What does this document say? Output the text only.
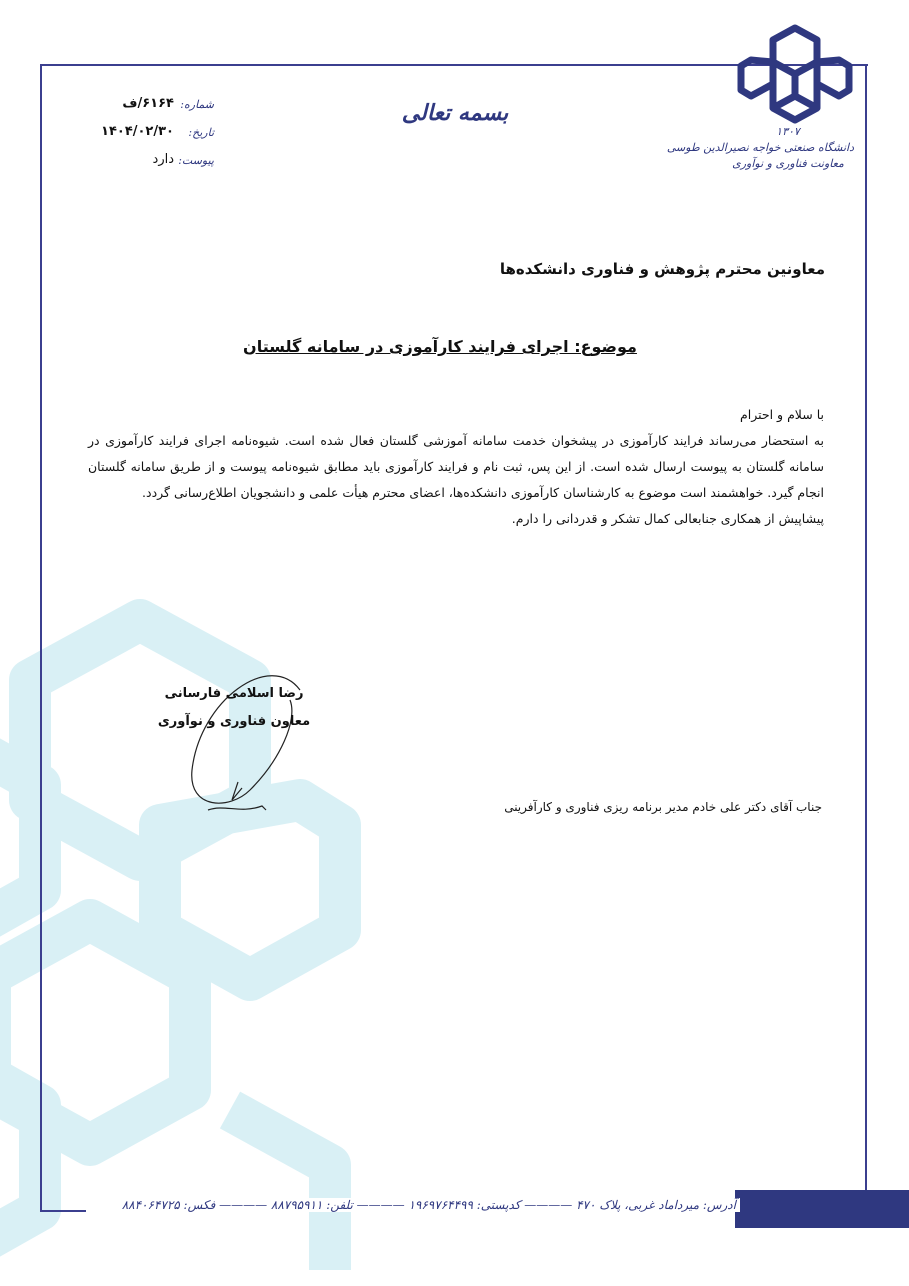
۱۳۰۷
دانشگاه صنعتی خواجه نصیرالدین طوسی
معاونت فناوری و نوآوری
بسمه تعالی
شماره:
۶۱۶۴/ف
تاریخ:
۱۴۰۴/۰۲/۳۰
پیوست:
دارد
معاونین محترم پژوهش و فناوری دانشکده‌ها
موضوع: اجرای فرایند کارآموزی در سامانه گلستان

با سلام و احترام

به استحضار می‌رساند فرایند کارآموزی در پیشخوان خدمت سامانه آموزشی گلستان فعال شده است. شیوه‌نامه اجرای فرایند کارآموزی در سامانه گلستان به پیوست ارسال شده است. از این پس، ثبت نام و فرایند کارآموزی باید مطابق شیوه‌نامه پیوست و از طریق سامانه گلستان انجام گیرد. خواهشمند است موضوع به کارشناسان کارآموزی دانشکده‌ها، اعضای محترم هیأت علمی و دانشجویان اطلاع‌رسانی گردد.

پیشاپیش از همکاری جنابعالی کمال تشکر و قدردانی را دارم.

رضا اسلامی فارسانی
معاون فناوری و نوآوری
جناب آقای دکتر علی خادم مدیر برنامه ریزی فناوری و کارآفرینی
آدرس: میرداماد غربی، پلاک ۴۷۰ ———— کدپستی: ۱۹۶۹۷۶۴۴۹۹ ———— تلفن: ۸۸۷۹۵۹۱۱ ———— فکس: ۸۸۴۰۶۴۷۲۵
